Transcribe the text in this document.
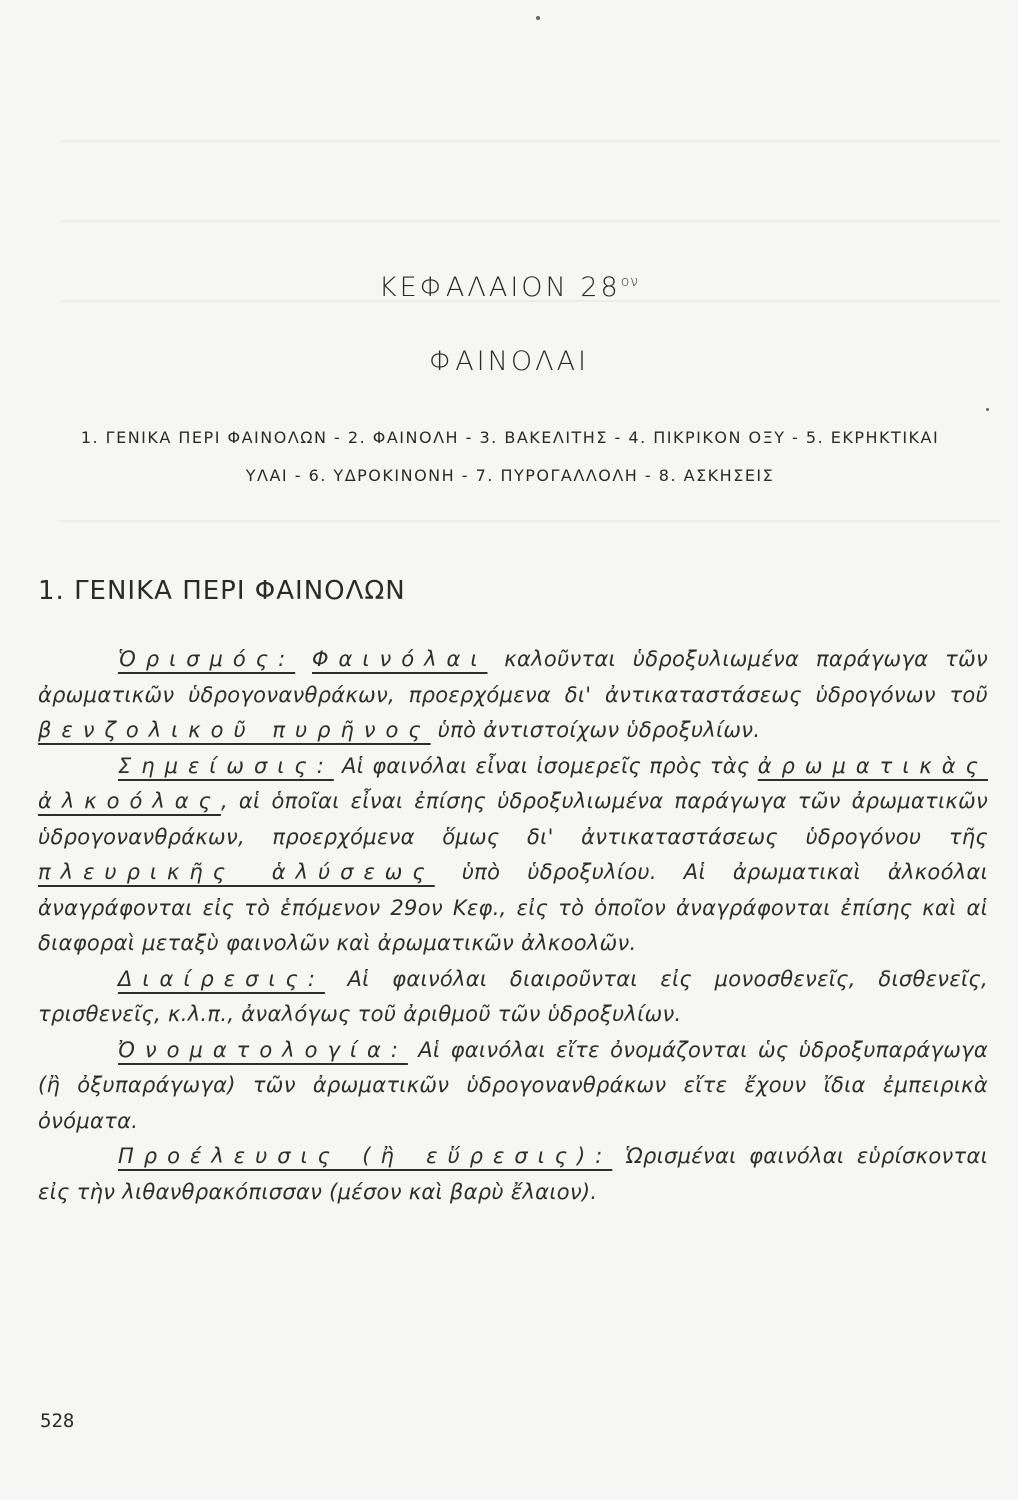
ΚΕΦΑΛΑΙΟΝ $28^{o\nu}$
ΦΑΙΝΟΛΑΙ
1. ΓΕΝΙΚΑ ΠΕΡΙ ΦΑΙΝΟΛΩΝ - 2. ΦΑΙΝΟΛΗ - 3. ΒΑΚΕΛΙΤΗΣ - 4. ΠΙΚΡΙΚΟΝ ΟΞΥ - 5. ΕΚΡΗΚΤΙΚΑΙ
ΥΛΑΙ - 6. ΥΔΡΟΚΙΝΟΝΗ - 7. ΠΥΡΟΓΑΛΛΟΛΗ - 8. ΑΣΚΗΣΕΙΣ
1. ΓΕΝΙΚΑ ΠΕΡΙ ΦΑΙΝΟΛΩΝ

Ὁρισμός: Φαινόλαι καλοῦνται ὑδροξυλιωμένα παράγωγα τῶν ἀρωματικῶν ὑδρογονανθράκων, προερχόμενα δι' ἀντικαταστάσεως ὑδρογόνων τοῦ βενζολικοῦ πυρῆνος ὑπὸ ἀντιστοίχων ὑδροξυλίων.

Σημείωσις: Αἱ φαινόλαι εἶναι ἰσομερεῖς πρὸς τὰς ἀρωματικὰς ἀλκοόλας, αἱ ὁποῖαι εἶναι ἐπίσης ὑδροξυλιωμένα παράγωγα τῶν ἀρωματικῶν ὑδρογονανθράκων, προερχόμενα ὅμως δι' ἀντικαταστάσεως ὑδρογόνου τῆς πλευρικῆς ἁλύσεως ὑπὸ ὑδροξυλίου. Αἱ ἀρωματικαὶ ἀλκοόλαι ἀναγράφονται εἰς τὸ ἑπόμενον 29ον Κεφ., εἰς τὸ ὁποῖον ἀναγράφονται ἐπίσης καὶ αἱ διαφοραὶ μεταξὺ φαινολῶν καὶ ἀρωματικῶν ἀλκοολῶν.

Διαίρεσις: Αἱ φαινόλαι διαιροῦνται εἰς μονοσθενεῖς, δισθενεῖς, τρισθενεῖς, κ.λ.π., ἀναλόγως τοῦ ἀριθμοῦ τῶν ὑδροξυλίων.

Ὀνοματολογία: Αἱ φαινόλαι εἴτε ὀνομάζονται ὡς ὑδροξυπαράγωγα (ἢ ὀξυπαράγωγα) τῶν ἀρωματικῶν ὑδρογονανθράκων εἴτε ἔχουν ἴδια ἐμπειρικὰ ὀνόματα.

Προέλευσις (ἢ εὕρεσις): Ὡρισμέναι φαινόλαι εὑρίσκονται εἰς τὴν λιθανθρακόπισσαν (μέσον καὶ βαρὺ ἔλαιον).

528
